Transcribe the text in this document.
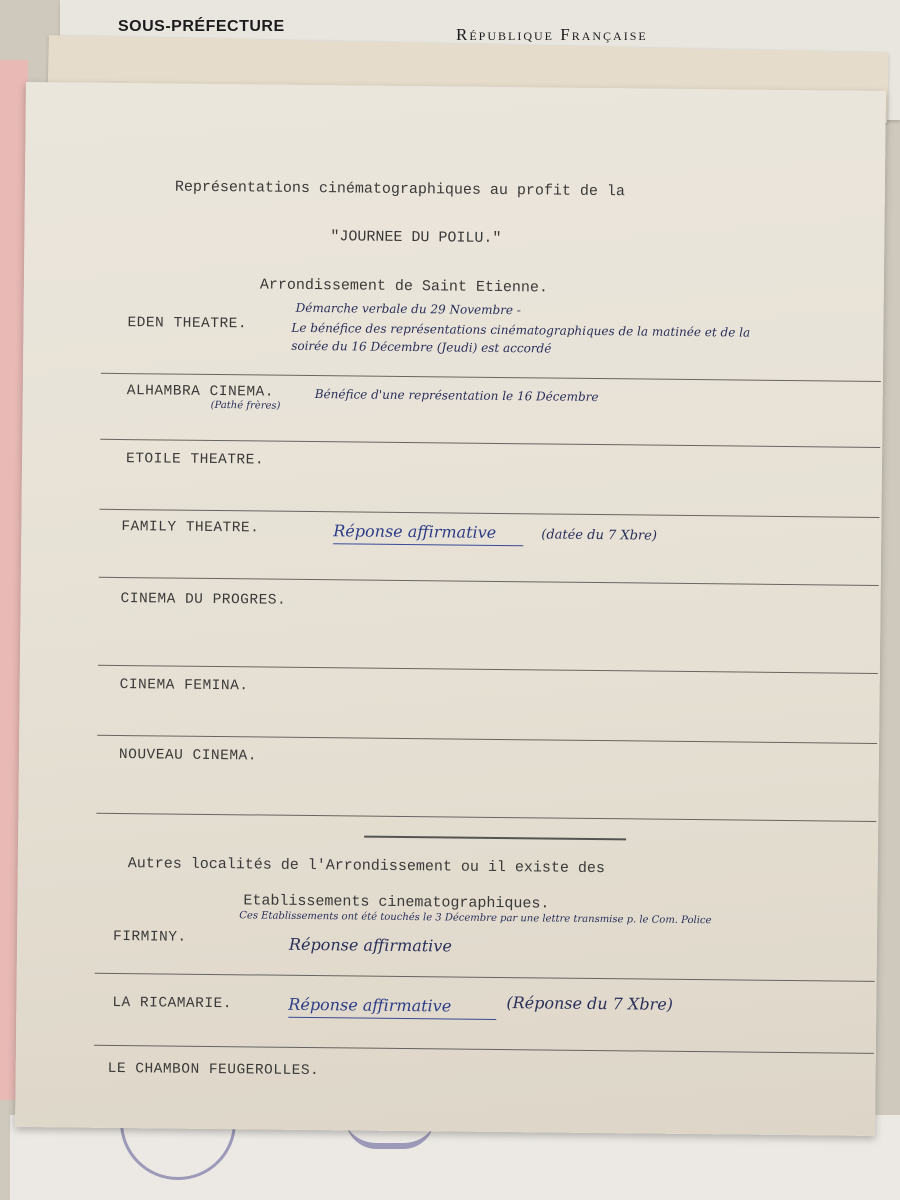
SOUS-PRÉFECTURE	République Française
Représentations cinématographiques au profit de la
"JOURNEE DU POILU."
Arrondissement de Saint Etienne.
EDEN THEATRE.
Démarche verbale du 29 Novembre -
Le bénéfice des représentations cinématographiques de la matinée et de la
soirée du 16 Décembre (Jeudi) est accordé
ALHAMBRA CINEMA.
(Pathé frères)
Bénéfice d'une représentation le 16 Décembre
ETOILE THEATRE.
FAMILY THEATRE.	Réponse affirmative	(datée du 7 Xbre)
CINEMA DU PROGRES.
CINEMA FEMINA.
NOUVEAU CINEMA.
Autres localités de l'Arrondissement ou il existe des
Etablissements cinematographiques.
Ces Etablissements ont été touchés le 3 Décembre par une lettre transmise p. le Com. Police
FIRMINY.	Réponse affirmative
LA RICAMARIE.	Réponse affirmative	(Réponse du 7 Xbre)
LE CHAMBON FEUGEROLLES.
